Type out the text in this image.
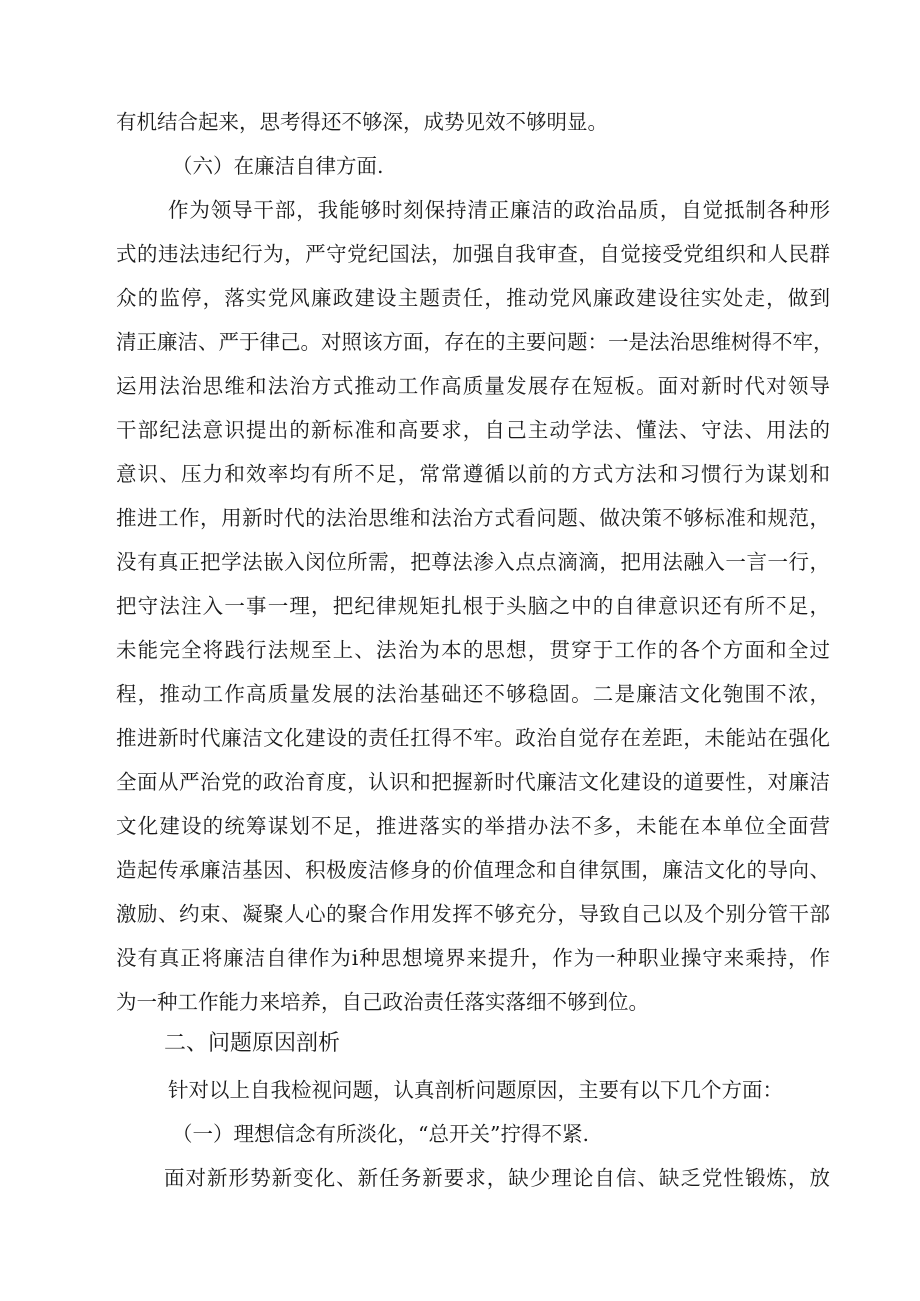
有机结合起来，思考得还不够深，成势见效不够明显。
（六）在廉洁自律方面.
作为领导干部，我能够时刻保持清正廉洁的政治品质，自觉抵制各种形
式的违法违纪行为，严守党纪国法，加强自我审查，自觉接受党组织和人民群
众的监停，落实党风廉政建设主题责任，推动党风廉政建设往实处走，做到
清正廉洁、严于律己。对照该方面，存在的主要问题：一是法治思维树得不牢，
运用法治思维和法治方式推动工作高质量发展存在短板。面对新时代对领导
干部纪法意识提出的新标准和高要求，自己主动学法、懂法、守法、用法的
意识、压力和效率均有所不足，常常遵循以前的方式方法和习惯行为谋划和
推进工作，用新时代的法治思维和法治方式看问题、做决策不够标准和规范，
没有真正把学法嵌入闵位所需，把尊法渗入点点滴滴，把用法融入一言一行，
把守法注入一事一理，把纪律规矩扎根于头脑之中的自律意识还有所不足，
未能完全将践行法规至上、法治为本的思想，贯穿于工作的各个方面和全过
程，推动工作高质量发展的法治基础还不够稳固。二是廉洁文化匏围不浓，
推进新时代廉洁文化建设的责任扛得不牢。政治自觉存在差距，未能站在强化
全面从严治党的政治育度，认识和把握新时代廉洁文化建设的道要性，对廉洁
文化建设的统筹谋划不足，推进落实的举措办法不多，未能在本单位全面营
造起传承廉洁基因、积极废洁修身的价值理念和自律氛围，廉洁文化的导向、
激励、约束、凝聚人心的聚合作用发挥不够充分，导致自己以及个别分管干部
没有真正将廉洁自律作为i种思想境界来提升，作为一种职业操守来乘持，作
为一种工作能力来培养，自己政治责任落实落细不够到位。
二、问题原因剖析
针对以上自我检视问题，认真剖析问题原因，主要有以下几个方面：
（一）理想信念有所淡化，“总开关”拧得不紧.
面对新形势新变化、新任务新要求，缺少理论自信、缺乏党性锻炼，放
